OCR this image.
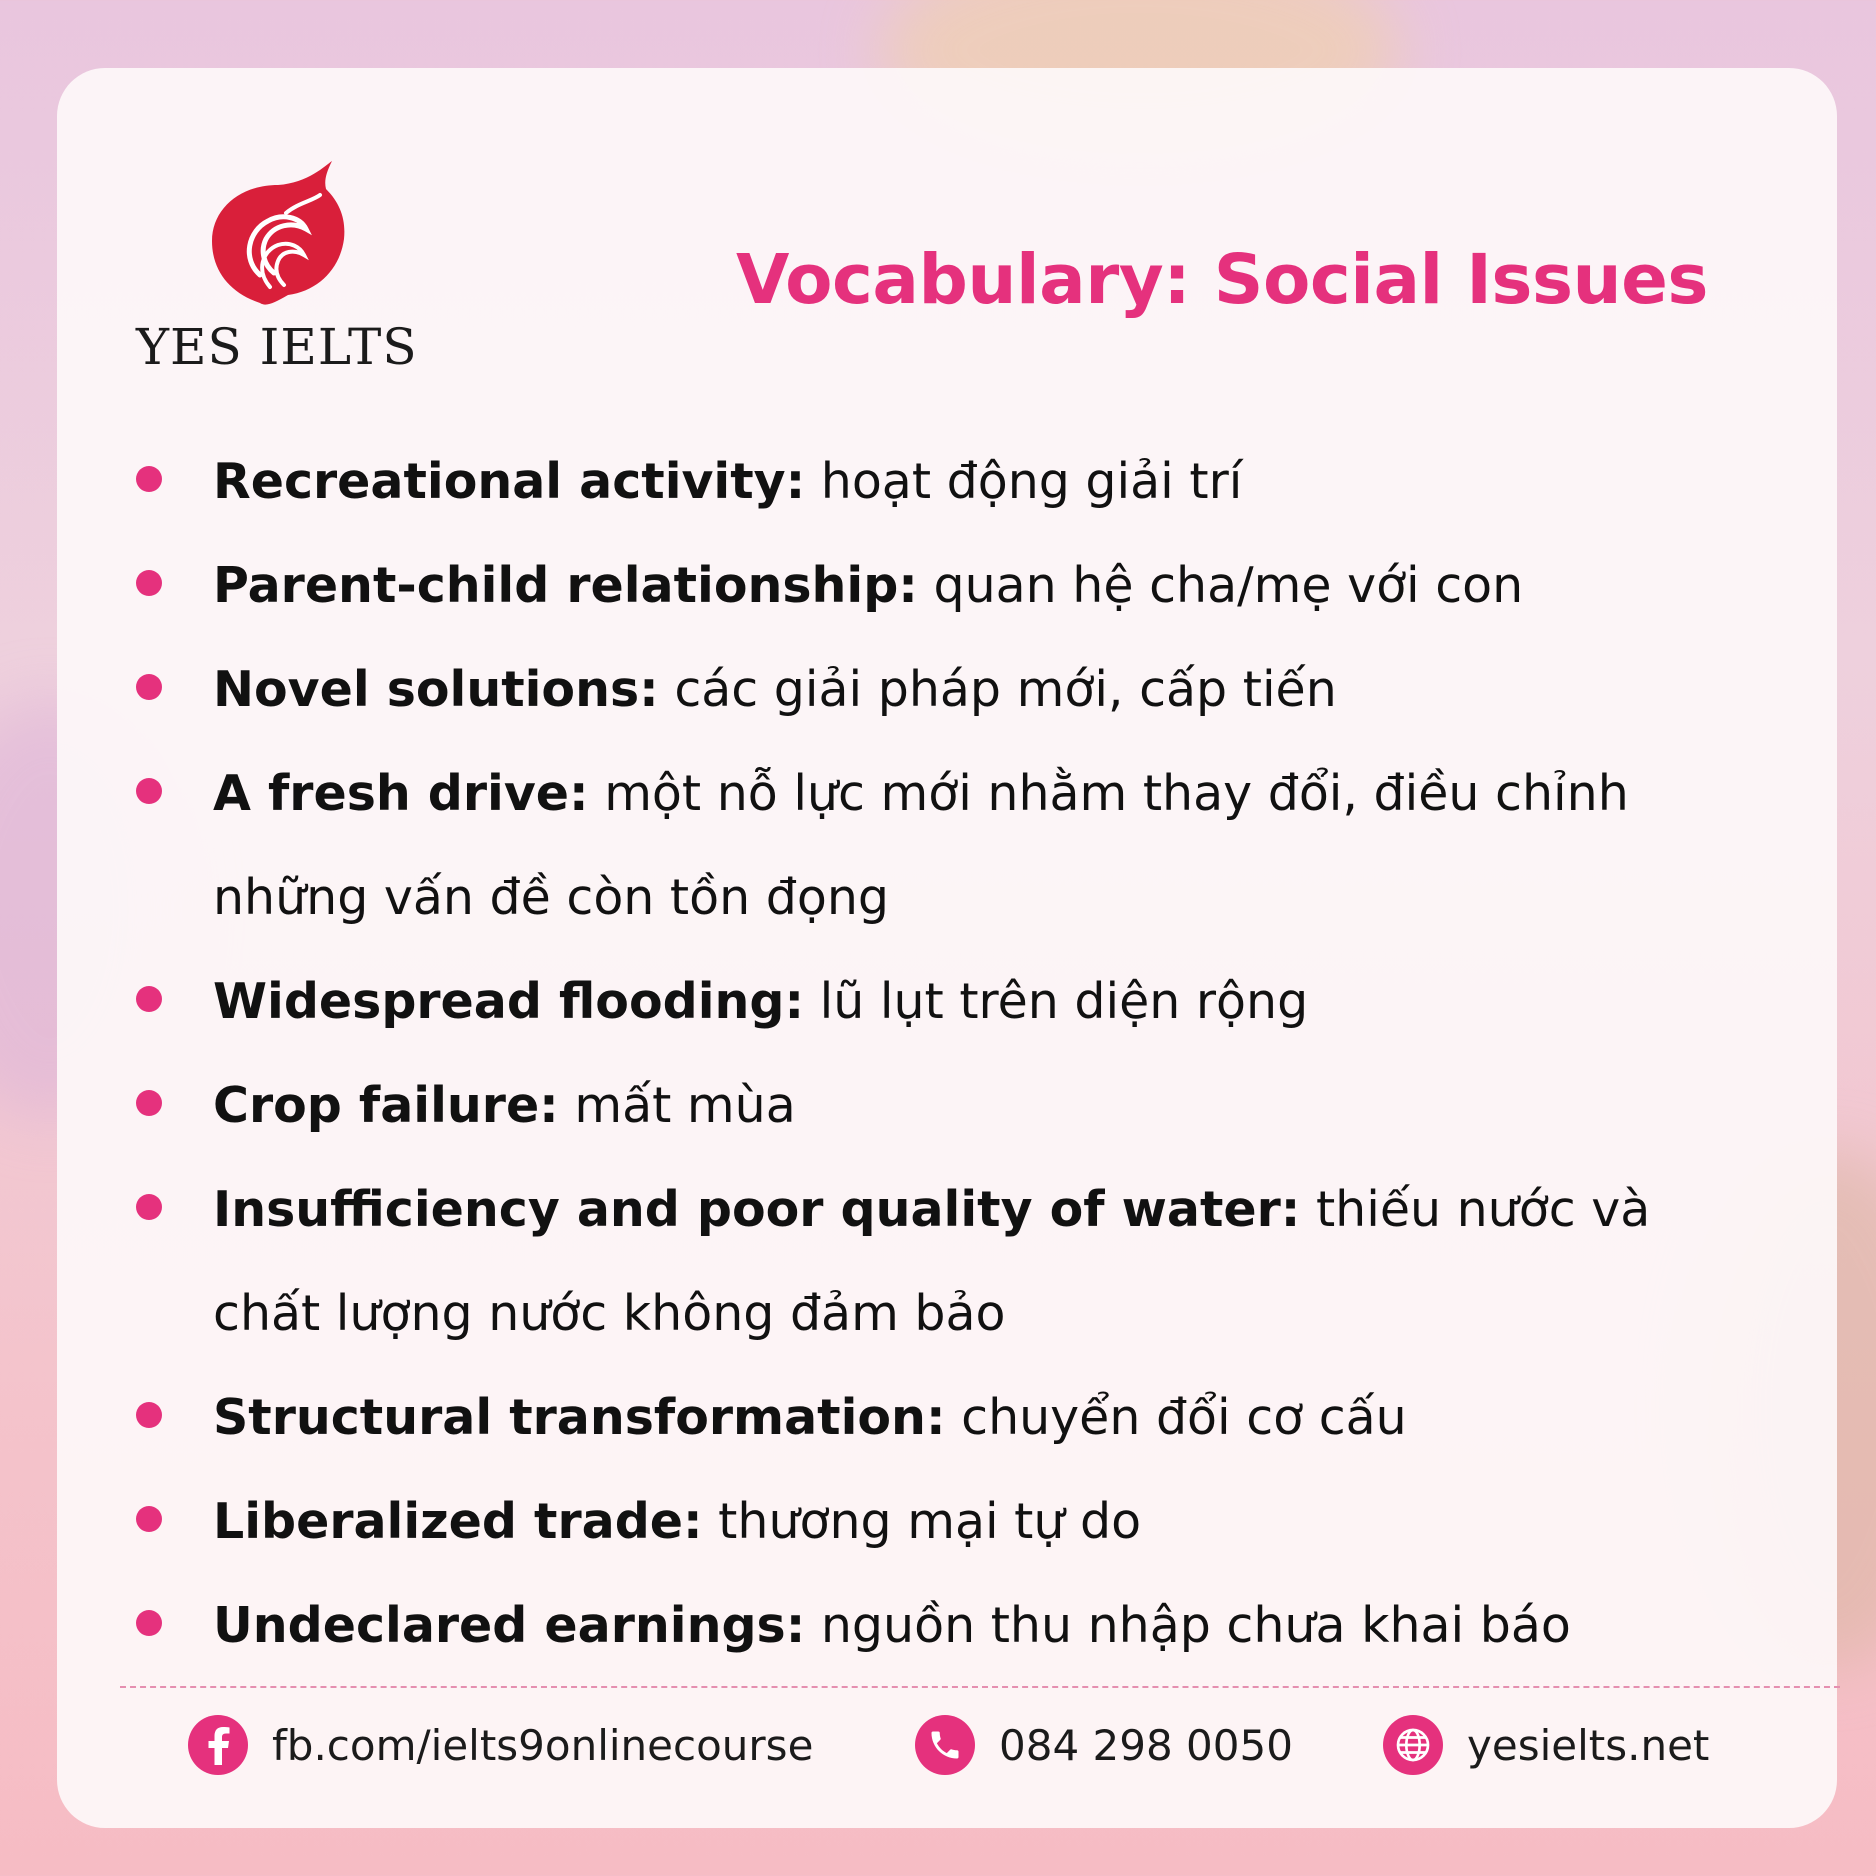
YES IELTS
Vocabulary: Social Issues
Recreational activity: hoạt động giải trí
Parent-child relationship: quan hệ cha/mẹ với con
Novel solutions: các giải pháp mới, cấp tiến
A fresh drive: một nỗ lực mới nhằm thay đổi, điều chỉnh những vấn đề còn tồn đọng
Widespread flooding: lũ lụt trên diện rộng
Crop failure: mất mùa
Insufficiency and poor quality of water: thiếu nước và chất lượng nước không đảm bảo
Structural transformation: chuyển đổi cơ cấu
Liberalized trade: thương mại tự do
Undeclared earnings: nguồn thu nhập chưa khai báo
fb.com/ielts9onlinecourse	084 298 0050	yesielts.net
